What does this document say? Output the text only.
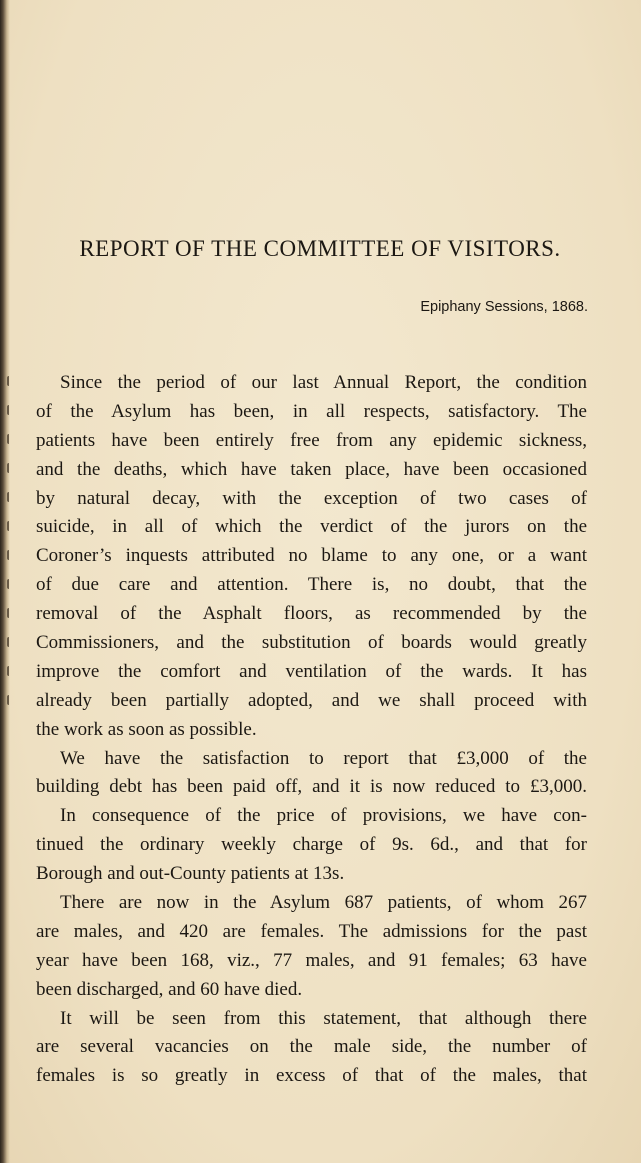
REPORT OF THE COMMITTEE OF VISITORS.
Epiphany Sessions, 1868.
Since the period of our last Annual Report, the condition
of the Asylum has been, in all respects, satisfactory. The
patients have been entirely free from any epidemic sickness,
and the deaths, which have taken place, have been occasioned
by natural decay, with the exception of two cases of
suicide, in all of which the verdict of the jurors on the
Coroner’s inquests attributed no blame to any one, or a want
of due care and attention. There is, no doubt, that the
removal of the Asphalt floors, as recommended by the
Commissioners, and the substitution of boards would greatly
improve the comfort and ventilation of the wards. It has
already been partially adopted, and we shall proceed with
the work as soon as possible.
We have the satisfaction to report that £3,000 of the
building debt has been paid off, and it is now reduced to £3,000.
In consequence of the price of provisions, we have con-
tinued the ordinary weekly charge of 9s. 6d., and that for
Borough and out-County patients at 13s.
There are now in the Asylum 687 patients, of whom 267
are males, and 420 are females. The admissions for the past
year have been 168, viz., 77 males, and 91 females; 63 have
been discharged, and 60 have died.
It will be seen from this statement, that although there
are several vacancies on the male side, the number of
females is so greatly in excess of that of the males, that
